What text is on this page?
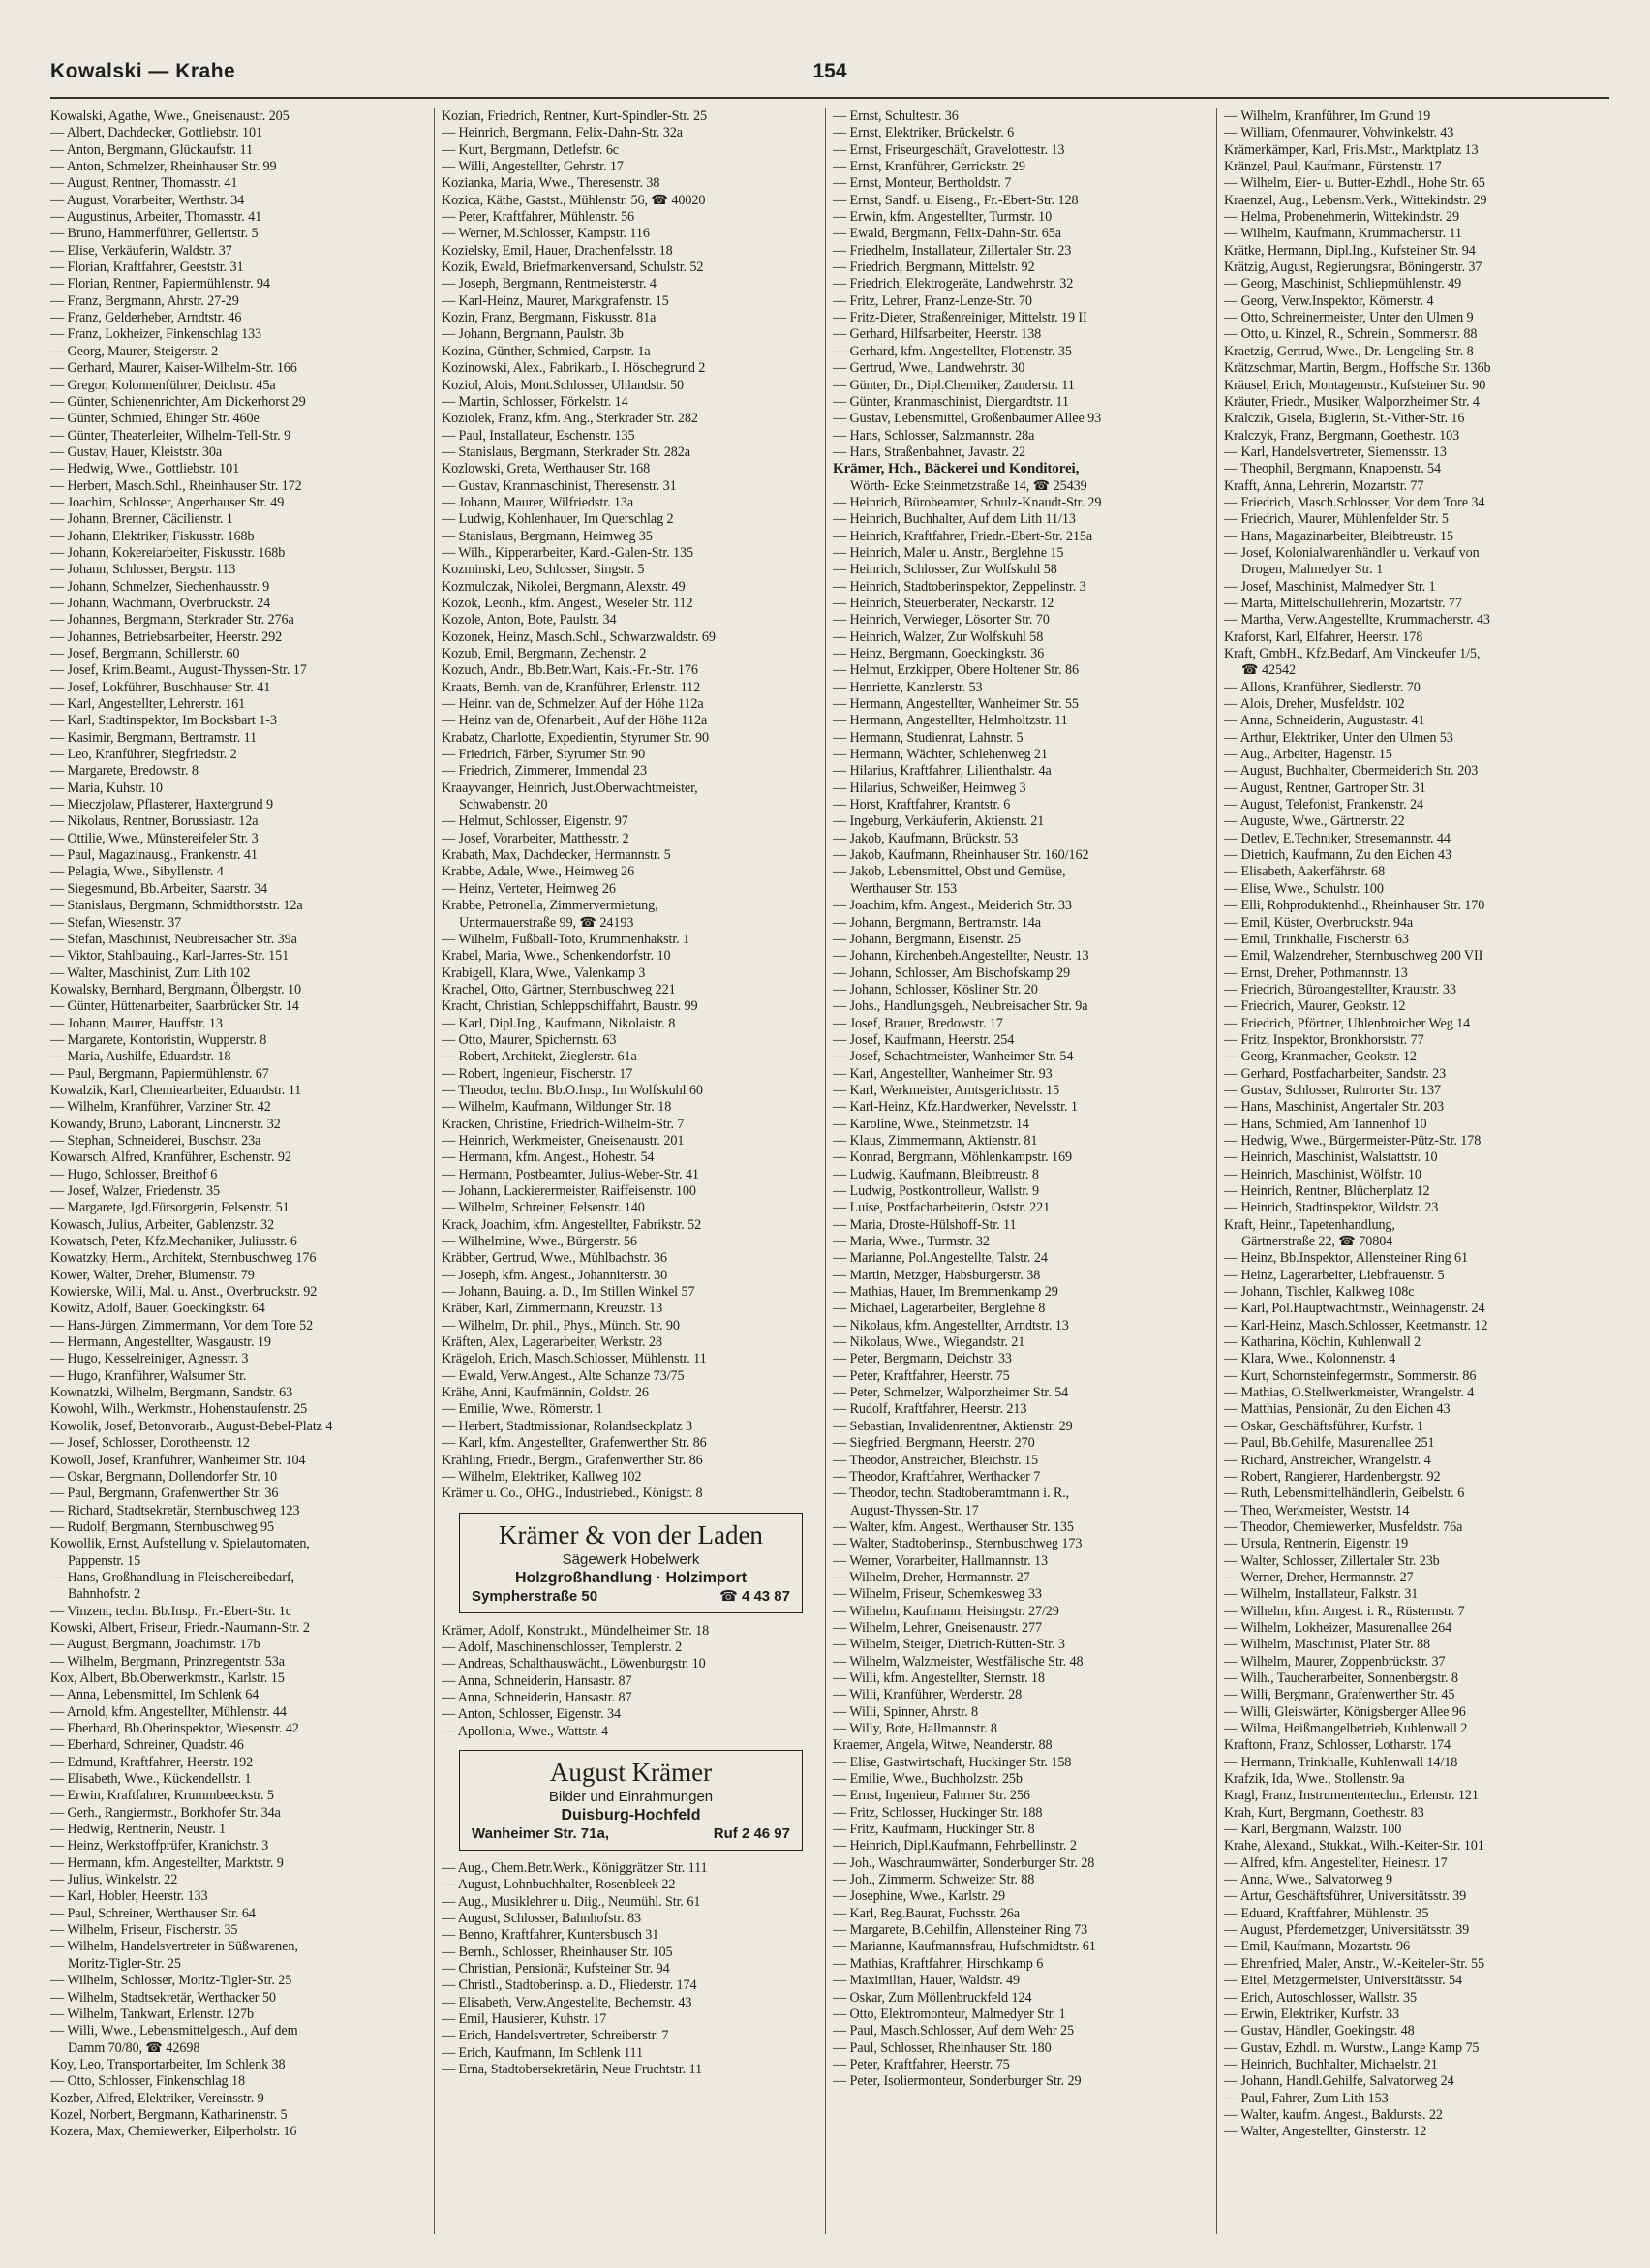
Kowalski — Krahe	154
Kowalski, Agathe, Wwe., Gneisenaustr. 205
— Albert, Dachdecker, Gottliebstr. 101
— Anton, Bergmann, Glückaufstr. 11
— Anton, Schmelzer, Rheinhauser Str. 99
— August, Rentner, Thomasstr. 41
— August, Vorarbeiter, Werthstr. 34
— Augustinus, Arbeiter, Thomasstr. 41
— Bruno, Hammerführer, Gellertstr. 5
— Elise, Verkäuferin, Waldstr. 37
— Florian, Kraftfahrer, Geeststr. 31
— Florian, Rentner, Papiermühlenstr. 94
— Franz, Bergmann, Ahrstr. 27-29
— Franz, Gelderheber, Arndtstr. 46
— Franz, Lokheizer, Finkenschlag 133
— Georg, Maurer, Steigerstr. 2
— Gerhard, Maurer, Kaiser-Wilhelm-Str. 166
— Gregor, Kolonnenführer, Deichstr. 45a
— Günter, Schienenrichter, Am Dickerhorst 29
— Günter, Schmied, Ehinger Str. 460e
— Günter, Theaterleiter, Wilhelm-Tell-Str. 9
— Gustav, Hauer, Kleiststr. 30a
— Hedwig, Wwe., Gottliebstr. 101
— Herbert, Masch.Schl., Rheinhauser Str. 172
— Joachim, Schlosser, Angerhauser Str. 49
— Johann, Brenner, Cäcilienstr. 1
— Johann, Elektriker, Fiskusstr. 168b
— Johann, Kokereiarbeiter, Fiskusstr. 168b
— Johann, Schlosser, Bergstr. 113
— Johann, Schmelzer, Siechenhausstr. 9
— Johann, Wachmann, Overbruckstr. 24
— Johannes, Bergmann, Sterkrader Str. 276a
— Johannes, Betriebsarbeiter, Heerstr. 292
— Josef, Bergmann, Schillerstr. 60
— Josef, Krim.Beamt., August-Thyssen-Str. 17
— Josef, Lokführer, Buschhauser Str. 41
— Karl, Angestellter, Lehrerstr. 161
— Karl, Stadtinspektor, Im Bocksbart 1-3
— Kasimir, Bergmann, Bertramstr. 11
— Leo, Kranführer, Siegfriedstr. 2
— Margarete, Bredowstr. 8
— Maria, Kuhstr. 10
— Mieczjolaw, Pflasterer, Haxtergrund 9
— Nikolaus, Rentner, Borussiastr. 12a
— Ottilie, Wwe., Münstereifeler Str. 3
— Paul, Magazinausg., Frankenstr. 41
— Pelagia, Wwe., Sibyllenstr. 4
— Siegesmund, Bb.Arbeiter, Saarstr. 34
— Stanislaus, Bergmann, Schmidthorststr. 12a
— Stefan, Wiesenstr. 37
— Stefan, Maschinist, Neubreisacher Str. 39a
— Viktor, Stahlbauing., Karl-Jarres-Str. 151
— Walter, Maschinist, Zum Lith 102
Kowalsky, Bernhard, Bergmann, Ölbergstr. 10
— Günter, Hüttenarbeiter, Saarbrücker Str. 14
— Johann, Maurer, Hauffstr. 13
— Margarete, Kontoristin, Wupperstr. 8
— Maria, Aushilfe, Eduardstr. 18
— Paul, Bergmann, Papiermühlenstr. 67
Kowalzik, Karl, Chemiearbeiter, Eduardstr. 11
— Wilhelm, Kranführer, Varziner Str. 42
Kowandy, Bruno, Laborant, Lindnerstr. 32
— Stephan, Schneiderei, Buschstr. 23a
Kowarsch, Alfred, Kranführer, Eschenstr. 92
— Hugo, Schlosser, Breithof 6
— Josef, Walzer, Friedenstr. 35
— Margarete, Jgd.Fürsorgerin, Felsenstr. 51
Kowasch, Julius, Arbeiter, Gablenzstr. 32
Kowatsch, Peter, Kfz.Mechaniker, Juliusstr. 6
Kowatzky, Herm., Architekt, Sternbuschweg 176
Kower, Walter, Dreher, Blumenstr. 79
Kowierske, Willi, Mal. u. Anst., Overbruckstr. 92
Kowitz, Adolf, Bauer, Goeckingkstr. 64
— Hans-Jürgen, Zimmermann, Vor dem Tore 52
— Hermann, Angestellter, Wasgaustr. 19
— Hugo, Kesselreiniger, Agnesstr. 3
— Hugo, Kranführer, Walsumer Str.
Kownatzki, Wilhelm, Bergmann, Sandstr. 63
Kowohl, Wilh., Werkmstr., Hohenstaufenstr. 25
Kowolik, Josef, Betonvorarb., August-Bebel-Platz 4
— Josef, Schlosser, Dorotheenstr. 12
Kowoll, Josef, Kranführer, Wanheimer Str. 104
— Oskar, Bergmann, Dollendorfer Str. 10
— Paul, Bergmann, Grafenwerther Str. 36
— Richard, Stadtsekretär, Sternbuschweg 123
— Rudolf, Bergmann, Sternbuschweg 95
Kowollik, Ernst, Aufstellung v. Spielautomaten,
Pappenstr. 15
— Hans, Großhandlung in Fleischereibedarf,
Bahnhofstr. 2
— Vinzent, techn. Bb.Insp., Fr.-Ebert-Str. 1c
Kowski, Albert, Friseur, Friedr.-Naumann-Str. 2
— August, Bergmann, Joachimstr. 17b
— Wilhelm, Bergmann, Prinzregentstr. 53a
Kox, Albert, Bb.Oberwerkmstr., Karlstr. 15
— Anna, Lebensmittel, Im Schlenk 64
— Arnold, kfm. Angestellter, Mühlenstr. 44
— Eberhard, Bb.Oberinspektor, Wiesenstr. 42
— Eberhard, Schreiner, Quadstr. 46
— Edmund, Kraftfahrer, Heerstr. 192
— Elisabeth, Wwe., Kückendellstr. 1
— Erwin, Kraftfahrer, Krummbeeckstr. 5
— Gerh., Rangiermstr., Borkhofer Str. 34a
— Hedwig, Rentnerin, Neustr. 1
— Heinz, Werkstoffprüfer, Kranichstr. 3
— Hermann, kfm. Angestellter, Marktstr. 9
— Julius, Winkelstr. 22
— Karl, Hobler, Heerstr. 133
— Paul, Schreiner, Werthauser Str. 64
— Wilhelm, Friseur, Fischerstr. 35
— Wilhelm, Handelsvertreter in Süßwarenen,
Moritz-Tigler-Str. 25
— Wilhelm, Schlosser, Moritz-Tigler-Str. 25
— Wilhelm, Stadtsekretär, Werthacker 50
— Wilhelm, Tankwart, Erlenstr. 127b
— Willi, Wwe., Lebensmittelgesch., Auf dem
Damm 70/80, ☎ 42698
Koy, Leo, Transportarbeiter, Im Schlenk 38
— Otto, Schlosser, Finkenschlag 18
Kozber, Alfred, Elektriker, Vereinsstr. 9
Kozel, Norbert, Bergmann, Katharinenstr. 5
Kozera, Max, Chemiewerker, Eilperholstr. 16
Kozian, Friedrich, Rentner, Kurt-Spindler-Str. 25
— Heinrich, Bergmann, Felix-Dahn-Str. 32a
— Kurt, Bergmann, Detlefstr. 6c
— Willi, Angestellter, Gehrstr. 17
Kozianka, Maria, Wwe., Theresenstr. 38
Kozica, Käthe, Gastst., Mühlenstr. 56, ☎ 40020
— Peter, Kraftfahrer, Mühlenstr. 56
— Werner, M.Schlosser, Kampstr. 116
Kozielsky, Emil, Hauer, Drachenfelsstr. 18
Kozik, Ewald, Briefmarkenversand, Schulstr. 52
— Joseph, Bergmann, Rentmeisterstr. 4
— Karl-Heinz, Maurer, Markgrafenstr. 15
Kozin, Franz, Bergmann, Fiskusstr. 81a
— Johann, Bergmann, Paulstr. 3b
Kozina, Günther, Schmied, Carpstr. 1a
Kozinowski, Alex., Fabrikarb., I. Höschegrund 2
Koziol, Alois, Mont.Schlosser, Uhlandstr. 50
— Martin, Schlosser, Förkelstr. 14
Koziolek, Franz, kfm. Ang., Sterkrader Str. 282
— Paul, Installateur, Eschenstr. 135
— Stanislaus, Bergmann, Sterkrader Str. 282a
Kozlowski, Greta, Werthauser Str. 168
— Gustav, Kranmaschinist, Theresenstr. 31
— Johann, Maurer, Wilfriedstr. 13a
— Ludwig, Kohlenhauer, Im Querschlag 2
— Stanislaus, Bergmann, Heimweg 35
— Wilh., Kipperarbeiter, Kard.-Galen-Str. 135
Kozminski, Leo, Schlosser, Singstr. 5
Kozmulczak, Nikolei, Bergmann, Alexstr. 49
Kozok, Leonh., kfm. Angest., Weseler Str. 112
Kozole, Anton, Bote, Paulstr. 34
Kozonek, Heinz, Masch.Schl., Schwarzwaldstr. 69
Kozub, Emil, Bergmann, Zechenstr. 2
Kozuch, Andr., Bb.Betr.Wart, Kais.-Fr.-Str. 176
Kraats, Bernh. van de, Kranführer, Erlenstr. 112
— Heinr. van de, Schmelzer, Auf der Höhe 112a
— Heinz van de, Ofenarbeit., Auf der Höhe 112a
Krabatz, Charlotte, Expedientin, Styrumer Str. 90
— Friedrich, Färber, Styrumer Str. 90
— Friedrich, Zimmerer, Immendal 23
Kraayvanger, Heinrich, Just.Oberwachtmeister,
Schwabenstr. 20
— Helmut, Schlosser, Eigenstr. 97
— Josef, Vorarbeiter, Matthesstr. 2
Krabath, Max, Dachdecker, Hermannstr. 5
Krabbe, Adale, Wwe., Heimweg 26
— Heinz, Verteter, Heimweg 26
Krabbe, Petronella, Zimmervermietung,
Untermauerstraße 99, ☎ 24193
— Wilhelm, Fußball-Toto, Krummenhakstr. 1
Krabel, Maria, Wwe., Schenkendorfstr. 10
Krabigell, Klara, Wwe., Valenkamp 3
Krachel, Otto, Gärtner, Sternbuschweg 221
Kracht, Christian, Schleppschiffahrt, Baustr. 99
— Karl, Dipl.Ing., Kaufmann, Nikolaistr. 8
— Otto, Maurer, Spichernstr. 63
— Robert, Architekt, Zieglerstr. 61a
— Robert, Ingenieur, Fischerstr. 17
— Theodor, techn. Bb.O.Insp., Im Wolfskuhl 60
— Wilhelm, Kaufmann, Wildunger Str. 18
Kracken, Christine, Friedrich-Wilhelm-Str. 7
— Heinrich, Werkmeister, Gneisenaustr. 201
— Hermann, kfm. Angest., Hohestr. 54
— Hermann, Postbeamter, Julius-Weber-Str. 41
— Johann, Lackierermeister, Raiffeisenstr. 100
— Wilhelm, Schreiner, Felsenstr. 140
Krack, Joachim, kfm. Angestellter, Fabrikstr. 52
— Wilhelmine, Wwe., Bürgerstr. 56
Kräbber, Gertrud, Wwe., Mühlbachstr. 36
— Joseph, kfm. Angest., Johanniterstr. 30
— Johann, Bauing. a. D., Im Stillen Winkel 57
Kräber, Karl, Zimmermann, Kreuzstr. 13
— Wilhelm, Dr. phil., Phys., Münch. Str. 90
Kräften, Alex, Lagerarbeiter, Werkstr. 28
Krägeloh, Erich, Masch.Schlosser, Mühlenstr. 11
— Ewald, Verw.Angest., Alte Schanze 73/75
Krähe, Anni, Kaufmännin, Goldstr. 26
— Emilie, Wwe., Römerstr. 1
— Herbert, Stadtmissionar, Rolandseckplatz 3
— Karl, kfm. Angestellter, Grafenwerther Str. 86
Krähling, Friedr., Bergm., Grafenwerther Str. 86
— Wilhelm, Elektriker, Kallweg 102
Krämer u. Co., OHG., Industriebed., Königstr. 8
Krämer & von der Laden
Sägewerk Hobelwerk
Holzgroßhandlung · Holzimport
Sympherstraße 50	☎ 4 43 87
Krämer, Adolf, Konstrukt., Mündelheimer Str. 18
— Adolf, Maschinenschlosser, Templerstr. 2
— Andreas, Schalthauswächt., Löwenburgstr. 10
— Anna, Schneiderin, Hansastr. 87
— Anna, Schneiderin, Hansastr. 87
— Anton, Schlosser, Eigenstr. 34
— Apollonia, Wwe., Wattstr. 4
August Krämer
Bilder und Einrahmungen
Duisburg-Hochfeld
Wanheimer Str. 71a,	Ruf 2 46 97
— Aug., Chem.Betr.Werk., Königgrätzer Str. 111
— August, Lohnbuchhalter, Rosenbleek 22
— Aug., Musiklehrer u. Diig., Neumühl. Str. 61
— August, Schlosser, Bahnhofstr. 83
— Benno, Kraftfahrer, Kuntersbusch 31
— Bernh., Schlosser, Rheinhauser Str. 105
— Christian, Pensionär, Kufsteiner Str. 94
— Christl., Stadtoberinsp. a. D., Fliederstr. 174
— Elisabeth, Verw.Angestellte, Bechemstr. 43
— Emil, Hausierer, Kuhstr. 17
— Erich, Handelsvertreter, Schreiberstr. 7
— Erich, Kaufmann, Im Schlenk 111
— Erna, Stadtobersekretärin, Neue Fruchtstr. 11
— Ernst, Schultestr. 36
— Ernst, Elektriker, Brückelstr. 6
— Ernst, Friseurgeschäft, Gravelottestr. 13
— Ernst, Kranführer, Gerrickstr. 29
— Ernst, Monteur, Bertholdstr. 7
— Ernst, Sandf. u. Eiseng., Fr.-Ebert-Str. 128
— Erwin, kfm. Angestellter, Turmstr. 10
— Ewald, Bergmann, Felix-Dahn-Str. 65a
— Friedhelm, Installateur, Zillertaler Str. 23
— Friedrich, Bergmann, Mittelstr. 92
— Friedrich, Elektrogeräte, Landwehrstr. 32
— Fritz, Lehrer, Franz-Lenze-Str. 70
— Fritz-Dieter, Straßenreiniger, Mittelstr. 19 II
— Gerhard, Hilfsarbeiter, Heerstr. 138
— Gerhard, kfm. Angestellter, Flottenstr. 35
— Gertrud, Wwe., Landwehrstr. 30
— Günter, Dr., Dipl.Chemiker, Zanderstr. 11
— Günter, Kranmaschinist, Diergardtstr. 11
— Gustav, Lebensmittel, Großenbaumer Allee 93
— Hans, Schlosser, Salzmannstr. 28a
— Hans, Straßenbahner, Javastr. 22
Krämer, Hch., Bäckerei und Konditorei,
Wörth- Ecke Steinmetzstraße 14, ☎ 25439
— Heinrich, Bürobeamter, Schulz-Knaudt-Str. 29
— Heinrich, Buchhalter, Auf dem Lith 11/13
— Heinrich, Kraftfahrer, Friedr.-Ebert-Str. 215a
— Heinrich, Maler u. Anstr., Berglehne 15
— Heinrich, Schlosser, Zur Wolfskuhl 58
— Heinrich, Stadtoberinspektor, Zeppelinstr. 3
— Heinrich, Steuerberater, Neckarstr. 12
— Heinrich, Verwieger, Lösorter Str. 70
— Heinrich, Walzer, Zur Wolfskuhl 58
— Heinz, Bergmann, Goeckingkstr. 36
— Helmut, Erzkipper, Obere Holtener Str. 86
— Henriette, Kanzlerstr. 53
— Hermann, Angestellter, Wanheimer Str. 55
— Hermann, Angestellter, Helmholtzstr. 11
— Hermann, Studienrat, Lahnstr. 5
— Hermann, Wächter, Schlehenweg 21
— Hilarius, Kraftfahrer, Lilienthalstr. 4a
— Hilarius, Schweißer, Heimweg 3
— Horst, Kraftfahrer, Krantstr. 6
— Ingeburg, Verkäuferin, Aktienstr. 21
— Jakob, Kaufmann, Brückstr. 53
— Jakob, Kaufmann, Rheinhauser Str. 160/162
— Jakob, Lebensmittel, Obst und Gemüse,
Werthauser Str. 153
— Joachim, kfm. Angest., Meiderich Str. 33
— Johann, Bergmann, Bertramstr. 14a
— Johann, Bergmann, Eisenstr. 25
— Johann, Kirchenbeh.Angestellter, Neustr. 13
— Johann, Schlosser, Am Bischofskamp 29
— Johann, Schlosser, Kösliner Str. 20
— Johs., Handlungsgeh., Neubreisacher Str. 9a
— Josef, Brauer, Bredowstr. 17
— Josef, Kaufmann, Heerstr. 254
— Josef, Schachtmeister, Wanheimer Str. 54
— Karl, Angestellter, Wanheimer Str. 93
— Karl, Werkmeister, Amtsgerichtsstr. 15
— Karl-Heinz, Kfz.Handwerker, Nevelsstr. 1
— Karoline, Wwe., Steinmetzstr. 14
— Klaus, Zimmermann, Aktienstr. 81
— Konrad, Bergmann, Möhlenkampstr. 169
— Ludwig, Kaufmann, Bleibtreustr. 8
— Ludwig, Postkontrolleur, Wallstr. 9
— Luise, Postfacharbeiterin, Oststr. 221
— Maria, Droste-Hülshoff-Str. 11
— Maria, Wwe., Turmstr. 32
— Marianne, Pol.Angestellte, Talstr. 24
— Martin, Metzger, Habsburgerstr. 38
— Mathias, Hauer, Im Bremmenkamp 29
— Michael, Lagerarbeiter, Berglehne 8
— Nikolaus, kfm. Angestellter, Arndtstr. 13
— Nikolaus, Wwe., Wiegandstr. 21
— Peter, Bergmann, Deichstr. 33
— Peter, Kraftfahrer, Heerstr. 75
— Peter, Schmelzer, Walporzheimer Str. 54
— Rudolf, Kraftfahrer, Heerstr. 213
— Sebastian, Invalidenrentner, Aktienstr. 29
— Siegfried, Bergmann, Heerstr. 270
— Theodor, Anstreicher, Bleichstr. 15
— Theodor, Kraftfahrer, Werthacker 7
— Theodor, techn. Stadtoberamtmann i. R.,
August-Thyssen-Str. 17
— Walter, kfm. Angest., Werthauser Str. 135
— Walter, Stadtoberinsp., Sternbuschweg 173
— Werner, Vorarbeiter, Hallmannstr. 13
— Wilhelm, Dreher, Hermannstr. 27
— Wilhelm, Friseur, Schemkesweg 33
— Wilhelm, Kaufmann, Heisingstr. 27/29
— Wilhelm, Lehrer, Gneisenaustr. 277
— Wilhelm, Steiger, Dietrich-Rütten-Str. 3
— Wilhelm, Walzmeister, Westfälische Str. 48
— Willi, kfm. Angestellter, Sternstr. 18
— Willi, Kranführer, Werderstr. 28
— Willi, Spinner, Ahrstr. 8
— Willy, Bote, Hallmannstr. 8
Kraemer, Angela, Witwe, Neanderstr. 88
— Elise, Gastwirtschaft, Huckinger Str. 158
— Emilie, Wwe., Buchholzstr. 25b
— Ernst, Ingenieur, Fahrner Str. 256
— Fritz, Schlosser, Huckinger Str. 188
— Fritz, Kaufmann, Huckinger Str. 8
— Heinrich, Dipl.Kaufmann, Fehrbellinstr. 2
— Joh., Waschraumwärter, Sonderburger Str. 28
— Joh., Zimmerm. Schweizer Str. 88
— Josephine, Wwe., Karlstr. 29
— Karl, Reg.Baurat, Fuchsstr. 26a
— Margarete, B.Gehilfin, Allensteiner Ring 73
— Marianne, Kaufmannsfrau, Hufschmidtstr. 61
— Mathias, Kraftfahrer, Hirschkamp 6
— Maximilian, Hauer, Waldstr. 49
— Oskar, Zum Möllenbruckfeld 124
— Otto, Elektromonteur, Malmedyer Str. 1
— Paul, Masch.Schlosser, Auf dem Wehr 25
— Paul, Schlosser, Rheinhauser Str. 180
— Peter, Kraftfahrer, Heerstr. 75
— Peter, Isoliermonteur, Sonderburger Str. 29
— Wilhelm, Kranführer, Im Grund 19
— William, Ofenmaurer, Vohwinkelstr. 43
Krämerkämper, Karl, Fris.Mstr., Marktplatz 13
Kränzel, Paul, Kaufmann, Fürstenstr. 17
— Wilhelm, Eier- u. Butter-Ezhdl., Hohe Str. 65
Kraenzel, Aug., Lebensm.Verk., Wittekindstr. 29
— Helma, Probenehmerin, Wittekindstr. 29
— Wilhelm, Kaufmann, Krummacherstr. 11
Krätke, Hermann, Dipl.Ing., Kufsteiner Str. 94
Krätzig, August, Regierungsrat, Böningerstr. 37
— Georg, Maschinist, Schliepmühlenstr. 49
— Georg, Verw.Inspektor, Körnerstr. 4
— Otto, Schreinermeister, Unter den Ulmen 9
— Otto, u. Kinzel, R., Schrein., Sommerstr. 88
Kraetzig, Gertrud, Wwe., Dr.-Lengeling-Str. 8
Krätzschmar, Martin, Bergm., Hoffsche Str. 136b
Kräusel, Erich, Montagemstr., Kufsteiner Str. 90
Kräuter, Friedr., Musiker, Walporzheimer Str. 4
Kralczik, Gisela, Büglerin, St.-Vither-Str. 16
Kralczyk, Franz, Bergmann, Goethestr. 103
— Karl, Handelsvertreter, Siemensstr. 13
— Theophil, Bergmann, Knappenstr. 54
Krafft, Anna, Lehrerin, Mozartstr. 77
— Friedrich, Masch.Schlosser, Vor dem Tore 34
— Friedrich, Maurer, Mühlenfelder Str. 5
— Hans, Magazinarbeiter, Bleibtreustr. 15
— Josef, Kolonialwarenhändler u. Verkauf von
Drogen, Malmedyer Str. 1
— Josef, Maschinist, Malmedyer Str. 1
— Marta, Mittelschullehrerin, Mozartstr. 77
— Martha, Verw.Angestellte, Krummacherstr. 43
Kraforst, Karl, Elfahrer, Heerstr. 178
Kraft, GmbH., Kfz.Bedarf, Am Vinckeufer 1/5,
☎ 42542
— Allons, Kranführer, Siedlerstr. 70
— Alois, Dreher, Musfeldstr. 102
— Anna, Schneiderin, Augustastr. 41
— Arthur, Elektriker, Unter den Ulmen 53
— Aug., Arbeiter, Hagenstr. 15
— August, Buchhalter, Obermeiderich Str. 203
— August, Rentner, Gartroper Str. 31
— August, Telefonist, Frankenstr. 24
— Auguste, Wwe., Gärtnerstr. 22
— Detlev, E.Techniker, Stresemannstr. 44
— Dietrich, Kaufmann, Zu den Eichen 43
— Elisabeth, Aakerfährstr. 68
— Elise, Wwe., Schulstr. 100
— Elli, Rohproduktenhdl., Rheinhauser Str. 170
— Emil, Küster, Overbruckstr. 94a
— Emil, Trinkhalle, Fischerstr. 63
— Emil, Walzendreher, Sternbuschweg 200 VII
— Ernst, Dreher, Pothmannstr. 13
— Friedrich, Büroangestellter, Krautstr. 33
— Friedrich, Maurer, Geokstr. 12
— Friedrich, Pförtner, Uhlenbroicher Weg 14
— Fritz, Inspektor, Bronkhorststr. 77
— Georg, Kranmacher, Geokstr. 12
— Gerhard, Postfacharbeiter, Sandstr. 23
— Gustav, Schlosser, Ruhrorter Str. 137
— Hans, Maschinist, Angertaler Str. 203
— Hans, Schmied, Am Tannenhof 10
— Hedwig, Wwe., Bürgermeister-Pütz-Str. 178
— Heinrich, Maschinist, Walstattstr. 10
— Heinrich, Maschinist, Wölfstr. 10
— Heinrich, Rentner, Blücherplatz 12
— Heinrich, Stadtinspektor, Wildstr. 23
Kraft, Heinr., Tapetenhandlung,
Gärtnerstraße 22, ☎ 70804
— Heinz, Bb.Inspektor, Allensteiner Ring 61
— Heinz, Lagerarbeiter, Liebfrauenstr. 5
— Johann, Tischler, Kalkweg 108c
— Karl, Pol.Hauptwachtmstr., Weinhagenstr. 24
— Karl-Heinz, Masch.Schlosser, Keetmanstr. 12
— Katharina, Köchin, Kuhlenwall 2
— Klara, Wwe., Kolonnenstr. 4
— Kurt, Schornsteinfegermstr., Sommerstr. 86
— Mathias, O.Stellwerkmeister, Wrangelstr. 4
— Matthias, Pensionär, Zu den Eichen 43
— Oskar, Geschäftsführer, Kurfstr. 1
— Paul, Bb.Gehilfe, Masurenallee 251
— Richard, Anstreicher, Wrangelstr. 4
— Robert, Rangierer, Hardenbergstr. 92
— Ruth, Lebensmittelhändlerin, Geibelstr. 6
— Theo, Werkmeister, Weststr. 14
— Theodor, Chemiewerker, Musfeldstr. 76a
— Ursula, Rentnerin, Eigenstr. 19
— Walter, Schlosser, Zillertaler Str. 23b
— Werner, Dreher, Hermannstr. 27
— Wilhelm, Installateur, Falkstr. 31
— Wilhelm, kfm. Angest. i. R., Rüsternstr. 7
— Wilhelm, Lokheizer, Masurenallee 264
— Wilhelm, Maschinist, Plater Str. 88
— Wilhelm, Maurer, Zoppenbrückstr. 37
— Wilh., Taucherarbeiter, Sonnenbergstr. 8
— Willi, Bergmann, Grafenwerther Str. 45
— Willi, Gleiswärter, Königsberger Allee 96
— Wilma, Heißmangelbetrieb, Kuhlenwall 2
Kraftonn, Franz, Schlosser, Lotharstr. 174
— Hermann, Trinkhalle, Kuhlenwall 14/18
Krafzik, Ida, Wwe., Stollenstr. 9a
Kragl, Franz, Instrumententechn., Erlenstr. 121
Krah, Kurt, Bergmann, Goethestr. 83
— Karl, Bergmann, Walzstr. 100
Krahe, Alexand., Stukkat., Wilh.-Keiter-Str. 101
— Alfred, kfm. Angestellter, Heinestr. 17
— Anna, Wwe., Salvatorweg 9
— Artur, Geschäftsführer, Universitätsstr. 39
— Eduard, Kraftfahrer, Mühlenstr. 35
— August, Pferdemetzger, Universitätsstr. 39
— Emil, Kaufmann, Mozartstr. 96
— Ehrenfried, Maler, Anstr., W.-Keiteler-Str. 55
— Eitel, Metzgermeister, Universitätsstr. 54
— Erich, Autoschlosser, Wallstr. 35
— Erwin, Elektriker, Kurfstr. 33
— Gustav, Händler, Goekingstr. 48
— Gustav, Ezhdl. m. Wurstw., Lange Kamp 75
— Heinrich, Buchhalter, Michaelstr. 21
— Johann, Handl.Gehilfe, Salvatorweg 24
— Paul, Fahrer, Zum Lith 153
— Walter, kaufm. Angest., Baldursts. 22
— Walter, Angestellter, Ginsterstr. 12
